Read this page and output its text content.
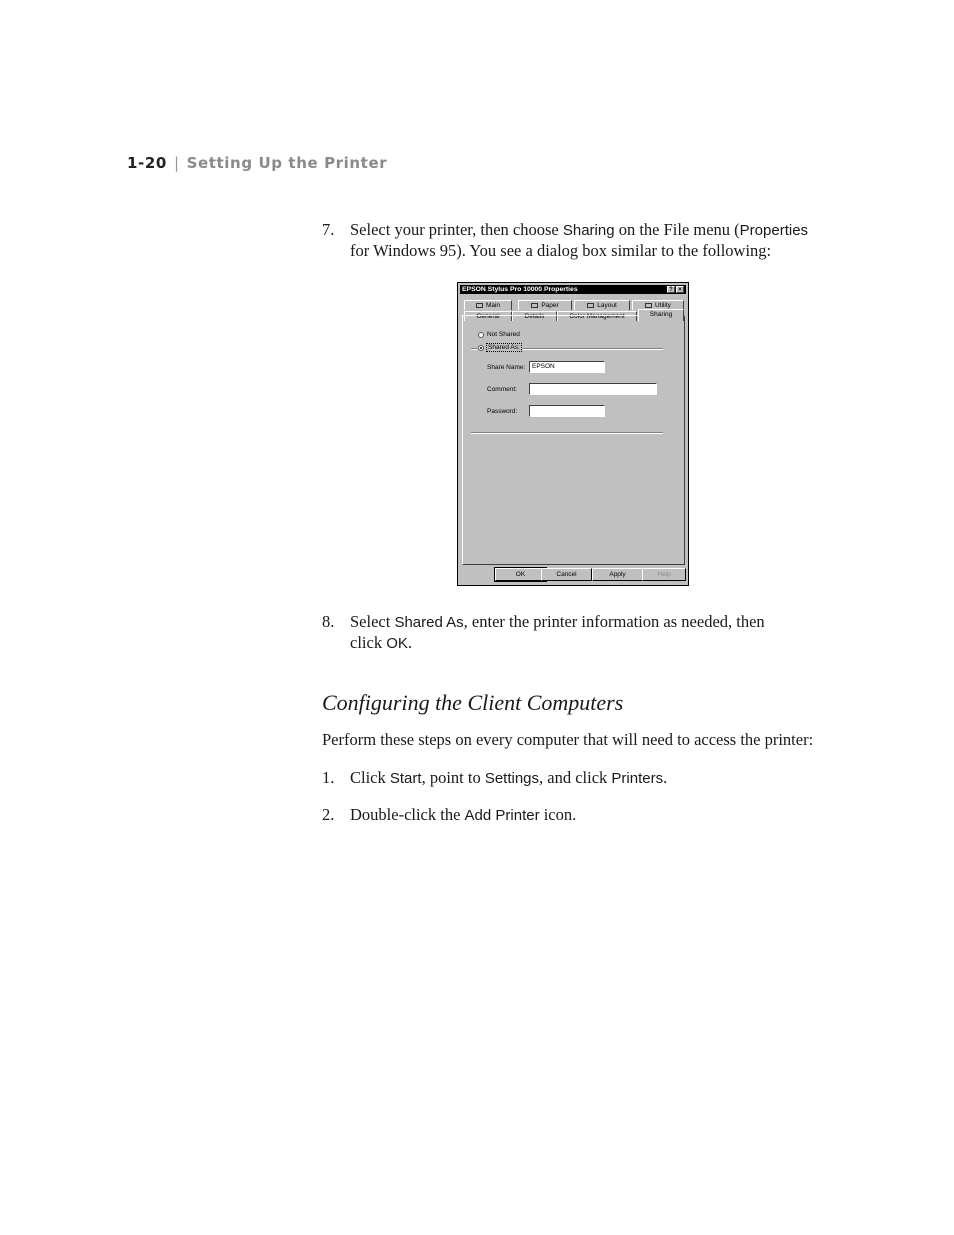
1-20 | Setting Up the Printer
7. Select your printer, then choose Sharing on the File menu (Properties
for Windows 95). You see a dialog box similar to the following:
EPSON Stylus Pro 10000 Properties	? ×
Main	Paper	Layout	Utility
General	Details	Color Management	Sharing
Not Shared
Shared As:
Share Name:	EPSON
Comment:
Password:
OK	Cancel	Apply	Help
8. Select Shared As, enter the printer information as needed, then
click OK.
Configuring the Client Computers
Perform these steps on every computer that will need to access the printer:
1. Click Start, point to Settings, and click Printers.
2. Double-click the Add Printer icon.
